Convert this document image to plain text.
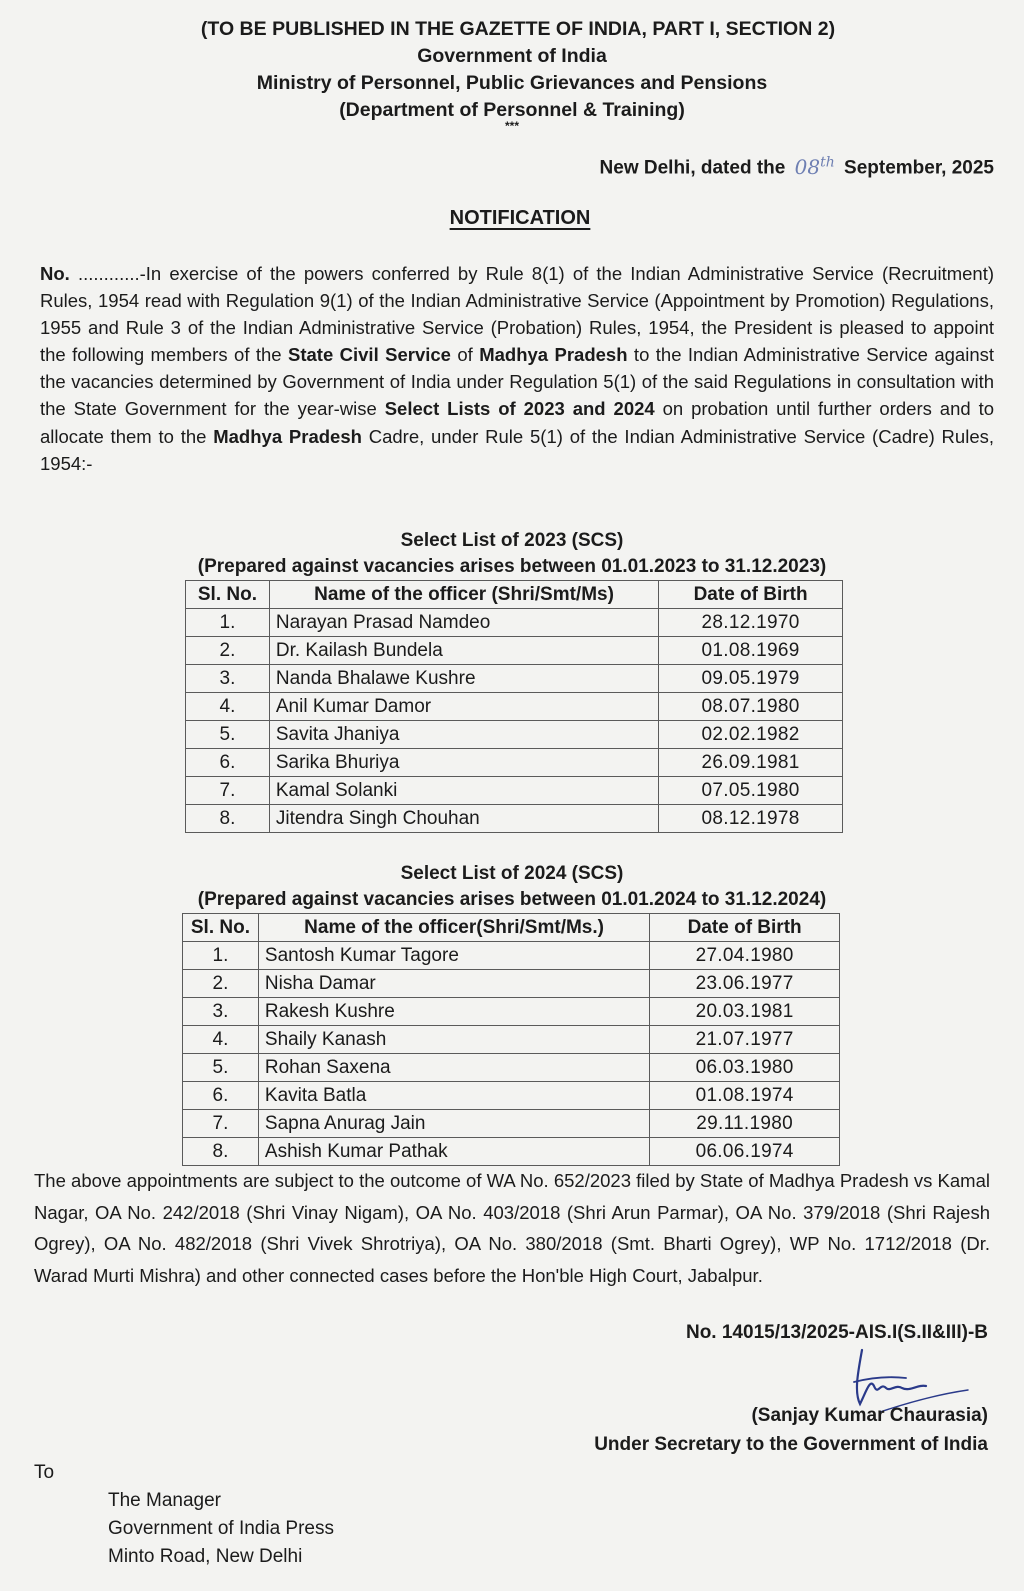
(TO BE PUBLISHED IN THE GAZETTE OF INDIA, PART I, SECTION 2)
Government of India
Ministry of Personnel, Public Grievances and Pensions
(Department of Personnel & Training)
***
New Delhi, dated the 08th September, 2025
NOTIFICATION
No. ............-In exercise of the powers conferred by Rule 8(1) of the Indian Administrative Service (Recruitment) Rules, 1954 read with Regulation 9(1) of the Indian Administrative Service (Appointment by Promotion) Regulations, 1955 and Rule 3 of the Indian Administrative Service (Probation) Rules, 1954, the President is pleased to appoint the following members of the State Civil Service of Madhya Pradesh to the Indian Administrative Service against the vacancies determined by Government of India under Regulation 5(1) of the said Regulations in consultation with the State Government for the year-wise Select Lists of 2023 and 2024 on probation until further orders and to allocate them to the Madhya Pradesh Cadre, under Rule 5(1) of the Indian Administrative Service (Cadre) Rules, 1954:-
Select List of 2023 (SCS)
(Prepared against vacancies arises between 01.01.2023 to 31.12.2023)
Sl. No.	Name of the officer (Shri/Smt/Ms)	Date of Birth
1.	Narayan Prasad Namdeo	28.12.1970
2.	Dr. Kailash Bundela	01.08.1969
3.	Nanda Bhalawe Kushre	09.05.1979
4.	Anil Kumar Damor	08.07.1980
5.	Savita Jhaniya	02.02.1982
6.	Sarika Bhuriya	26.09.1981
7.	Kamal Solanki	07.05.1980
8.	Jitendra Singh Chouhan	08.12.1978
Select List of 2024 (SCS)
(Prepared against vacancies arises between 01.01.2024 to 31.12.2024)
Sl. No.	Name of the officer(Shri/Smt/Ms.)	Date of Birth
1.	Santosh Kumar Tagore	27.04.1980
2.	Nisha Damar	23.06.1977
3.	Rakesh Kushre	20.03.1981
4.	Shaily Kanash	21.07.1977
5.	Rohan Saxena	06.03.1980
6.	Kavita Batla	01.08.1974
7.	Sapna Anurag Jain	29.11.1980
8.	Ashish Kumar Pathak	06.06.1974
The above appointments are subject to the outcome of WA No. 652/2023 filed by State of Madhya Pradesh vs Kamal Nagar, OA No. 242/2018 (Shri Vinay Nigam), OA No. 403/2018 (Shri Arun Parmar), OA No. 379/2018 (Shri Rajesh Ogrey), OA No. 482/2018 (Shri Vivek Shrotriya), OA No. 380/2018 (Smt. Bharti Ogrey), WP No. 1712/2018 (Dr. Warad Murti Mishra) and other connected cases before the Hon'ble High Court, Jabalpur.
No. 14015/13/2025-AIS.I(S.II&III)-B
(Sanjay Kumar Chaurasia)
Under Secretary to the Government of India
To
The Manager
Government of India Press
Minto Road, New Delhi
